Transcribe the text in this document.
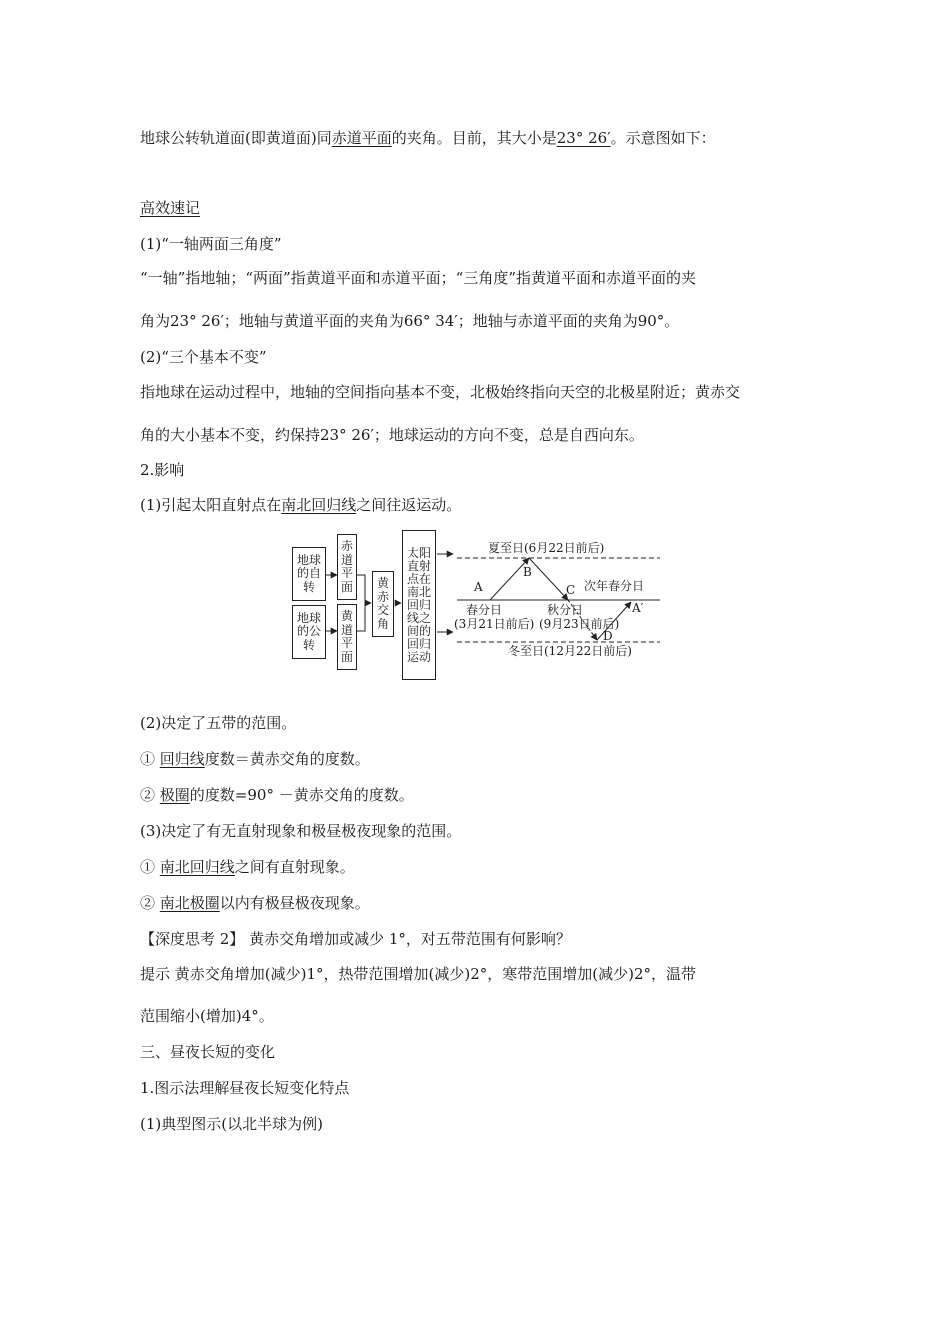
地球公转轨道面(即黄道面)同赤道平面的夹角。目前，其大小是23° 26′。示意图如下：
高效速记
(1)“一轴两面三角度”
“一轴”指地轴；“两面”指黄道平面和赤道平面；“三角度”指黄道平面和赤道平面的夹
角为23° 26′；地轴与黄道平面的夹角为66° 34′；地轴与赤道平面的夹角为90°。
(2)“三个基本不变”
指地球在运动过程中，地轴的空间指向基本不变，北极始终指向天空的北极星附近；黄赤交
角的大小基本不变，约保持23° 26′；地球运动的方向不变，总是自西向东。
2.影响
(1)引起太阳直射点在南北回归线之间往返运动。
地球的自转
地球的公转
赤道平面
黄道平面
黄赤交角
太阳直射点在南北回归线之间的回归运动
夏至日(6月22日前后)
B
A	C 次年春分日
A′
春分日
(3月21日前后)
秋分日
(9月23日前后)
D
冬至日(12月22日前后)
(2)决定了五带的范围。
① 回归线度数＝黄赤交角的度数。
② 极圈的度数=90° －黄赤交角的度数。
(3)决定了有无直射现象和极昼极夜现象的范围。
① 南北回归线之间有直射现象。
② 南北极圈以内有极昼极夜现象。
【深度思考 2】 黄赤交角增加或减少 1°，对五带范围有何影响？
提示 黄赤交角增加(减少)1°，热带范围增加(减少)2°，寒带范围增加(减少)2°，温带
范围缩小(增加)4°。
三、昼夜长短的变化
1.图示法理解昼夜长短变化特点
(1)典型图示(以北半球为例)
